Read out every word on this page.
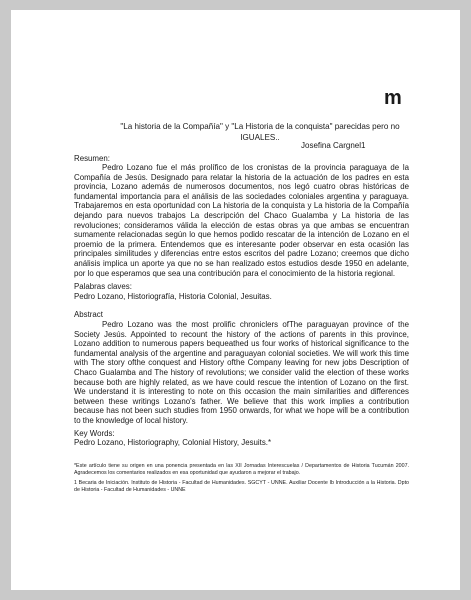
m
"La historia de la Compañía" y "La Historia de la conquista" parecidas pero no IGUALES..
Josefina Cargnel1

Resumen:

Pedro Lozano fue el más prolífico de los cronistas de la provincia paraguaya de la Compañía de Jesús. Designado para relatar la historia de la actuación de los padres en esta provincia, Lozano además de numerosos documentos, nos legó cuatro obras históricas de fundamental importancia para el análisis de las sociedades coloniales argentina y paraguaya. Trabajaremos en esta oportunidad con La historia de la conquista y La historia de la Compañía dejando para nuevos trabajos La descripción del Chaco Gualamba y La historia de las revoluciones; consideramos válida la elección de estas obras ya que ambas se encuentran sumamente relacionadas según lo que hemos podido rescatar de la intención de Lozano en el proemio de la primera. Entendemos que es interesante poder observar en esta ocasión las principales similitudes y diferencias entre estos escritos del padre Lozano; creemos que dicho análisis implica un aporte ya que no se han realizado estos estudios desde 1950 en adelante, por lo que esperamos que sea una contribución para el conocimiento de la historia regional.

Palabras claves:

Pedro Lozano, Historiografía, Historia Colonial, Jesuitas.

Abstract

Pedro Lozano was the most prolific chroniclers ofThe paraguayan province of the Society Jesús. Appointed to recount the history of the actions of parents in this province, Lozano addition to numerous papers bequeathed us four works of historical significance to the fundamental analysis of the argentine and paraguayan colonial societies. We will work this time with The story ofthe conquest and History ofthe Company leaving for new jobs Description of Chaco Gualamba and The history of revolutions; we consider valid the election of these works because both are highly related, as we have could rescue the intention of Lozano on the first. We understand it is interesting to note on this occasion the main similarities and differences between these writings Lozano's father. We believe that this work implies a contribution because has not been such studies from 1950 onwards, for what we hope will be a contribution to the knowledge of local history.

Key Words:

Pedro Lozano, Historiography, Colonial History, Jesuits.*

*Este artículo tiene su origen en una ponencia presentada en las XII Jornadas Interescuelas / Departamentos de Historia Tucumán 2007. Agradecemos los comentarios realizados en esa oportunidad que ayudaron a mejorar el trabajo.

1 Becaria de Iniciación. Instituto de Historia - Facultad de Humanidades. SGCYT - UNNE. Auxiliar Docente Ib Introducción a la Historia. Dpto de Historia - Facultad de Humanidades - UNNE
